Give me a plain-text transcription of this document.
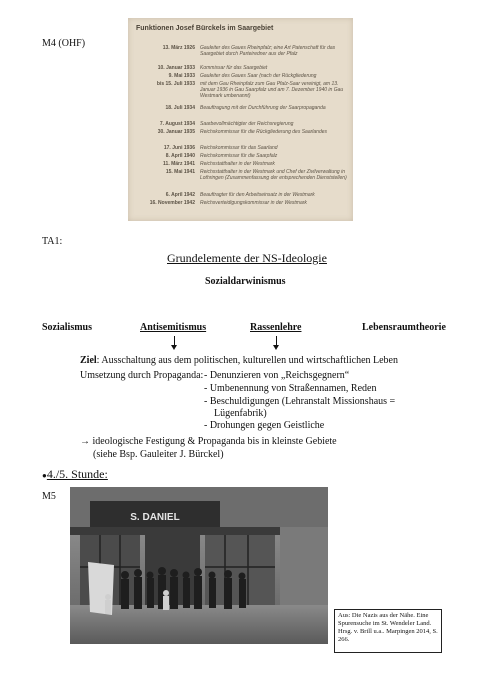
M4 (OHF)
Funktionen Josef Bürckels im Saargebiet
13. März 1926 Gauleiter des Gaues Rheinpfalz; eine Art Patenschaft für das Saargebiet durch Parteiredner aus der Pfalz
10. Januar 1933 Kommissar für das Saargebiet
9. Mai 1933 Gauleiter des Gaues Saar (nach der Rückgliederung
bis 15. Juli 1933 mit dem Gau Rheinpfalz zum Gau Pfalz-Saar vereinigt, am 13. Januar 1936 in Gau Saarpfalz und am 7. Dezember 1940 in Gau Westmark umbenannt)
18. Juli 1934 Beauftragung mit der Durchführung der Saarpropaganda
7. August 1934 Saarbevollmächtigter der Reichsregierung
30. Januar 1935 Reichskommissar für die Rückgliederung des Saarlandes
17. Juni 1936 Reichskommissar für das Saarland
8. April 1940 Reichskommissar für die Saarpfalz
11. März 1941 Reichsstatthalter in der Westmark
15. Mai 1941 Reichsstatthalter in der Westmark und Chef der Zivilverwaltung in Lothringen (Zusammenfassung der entsprechenden Dienststellen)
6. April 1942 Beauftragter für den Arbeitseinsatz in der Westmark
16. November 1942 Reichsverteidigungskommissar in der Westmark
TA1:
Grundelemente der NS-Ideologie
Sozialdarwinismus
Sozialismus	Antisemitismus	Rassenlehre	Lebensraumtheorie
Ziel: Ausschaltung aus dem politischen, kulturellen und wirtschaftlichen Leben
Umsetzung durch Propaganda: - Denunzieren von „Reichsgegnern“
- Umbenennung von Straßennamen, Reden
- Beschuldigungen (Lehranstalt Missionshaus =
Lügenfabrik)
- Drohungen gegen Geistliche
→ ideologische Festigung & Propaganda bis in kleinste Gebiete
(siehe Bsp. Gauleiter J. Bürckel)
●4./5. Stunde:
M5
S. DANIEL
Aus: Die Nazis aus der Nähe. Eine Spurensuche im St. Wendeler Land. Hrsg. v. Brill u.a.. Marpingen 2014, S. 266.
